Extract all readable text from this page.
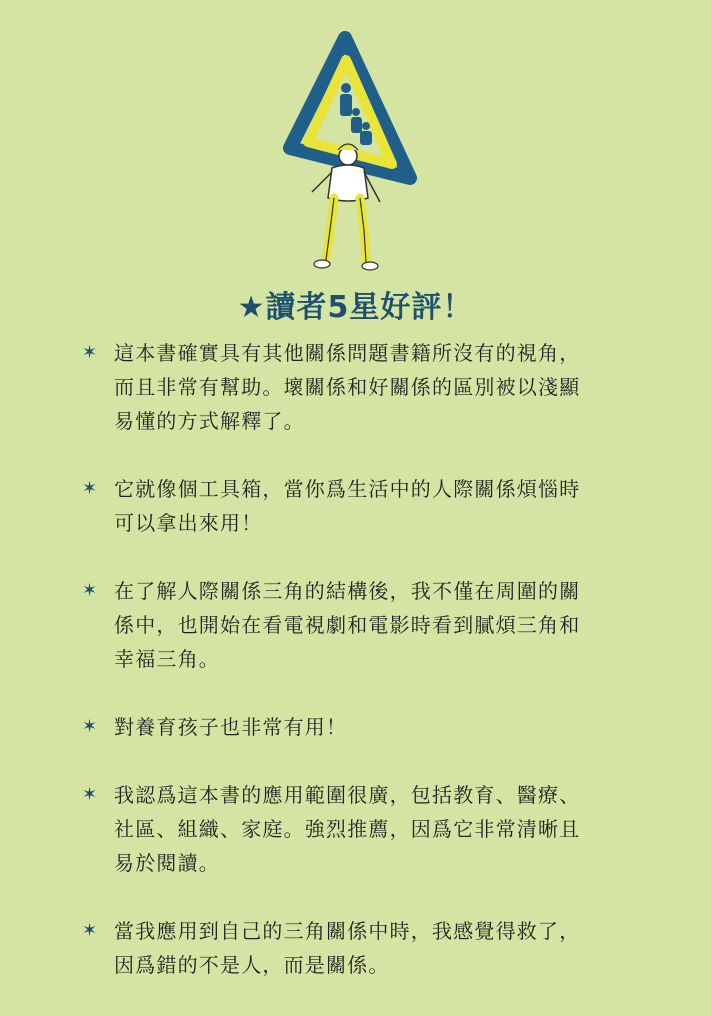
★讀者5星好評！
✶ 這本書確實具有其他關係問題書籍所沒有的視角，
而且非常有幫助。壞關係和好關係的區別被以淺顯
易懂的方式解釋了。
✶ 它就像個工具箱，當你爲生活中的人際關係煩惱時
可以拿出來用！
✶ 在了解人際關係三角的結構後，我不僅在周圍的關
係中，也開始在看電視劇和電影時看到膩煩三角和
幸福三角。
✶ 對養育孩子也非常有用！
✶ 我認爲這本書的應用範圍很廣，包括教育、醫療、
社區、組織、家庭。強烈推薦，因爲它非常清晰且
易於閱讀。
✶ 當我應用到自己的三角關係中時，我感覺得救了，
因爲錯的不是人，而是關係。
